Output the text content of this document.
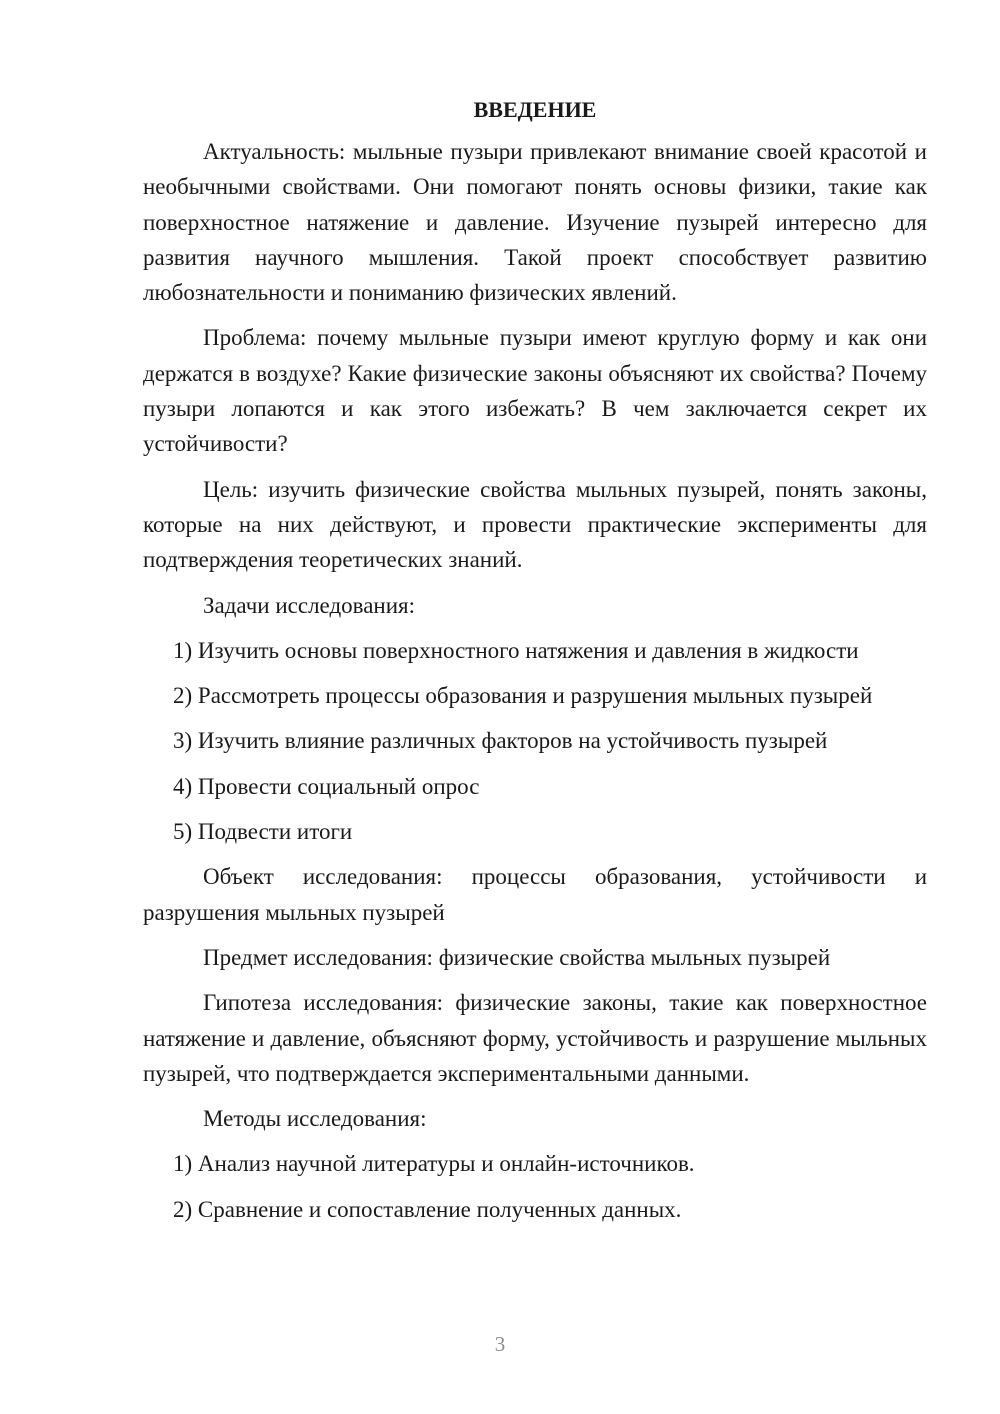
ВВЕДЕНИЕ

Актуальность: мыльные пузыри привлекают внимание своей красотой и необычными свойствами. Они помогают понять основы физики, такие как поверхностное натяжение и давление. Изучение пузырей интересно для развития научного мышления. Такой проект способствует развитию любознательности и пониманию физических явлений.

Проблема: почему мыльные пузыри имеют круглую форму и как они держатся в воздухе? Какие физические законы объясняют их свойства? Почему пузыри лопаются и как этого избежать? В чем заключается секрет их устойчивости?

Цель: изучить физические свойства мыльных пузырей, понять законы, которые на них действуют, и провести практические эксперименты для подтверждения теоретических знаний.

Задачи исследования:

1) Изучить основы поверхностного натяжения и давления в жидкости
2) Рассмотреть процессы образования и разрушения мыльных пузырей
3) Изучить влияние различных факторов на устойчивость пузырей
4) Провести социальный опрос
5) Подвести итоги

Объект исследования: процессы образования, устойчивости и разрушения мыльных пузырей

Предмет исследования: физические свойства мыльных пузырей

Гипотеза исследования: физические законы, такие как поверхностное натяжение и давление, объясняют форму, устойчивость и разрушение мыльных пузырей, что подтверждается экспериментальными данными.

Методы исследования:

1) Анализ научной литературы и онлайн-источников.
2) Сравнение и сопоставление полученных данных.
3
